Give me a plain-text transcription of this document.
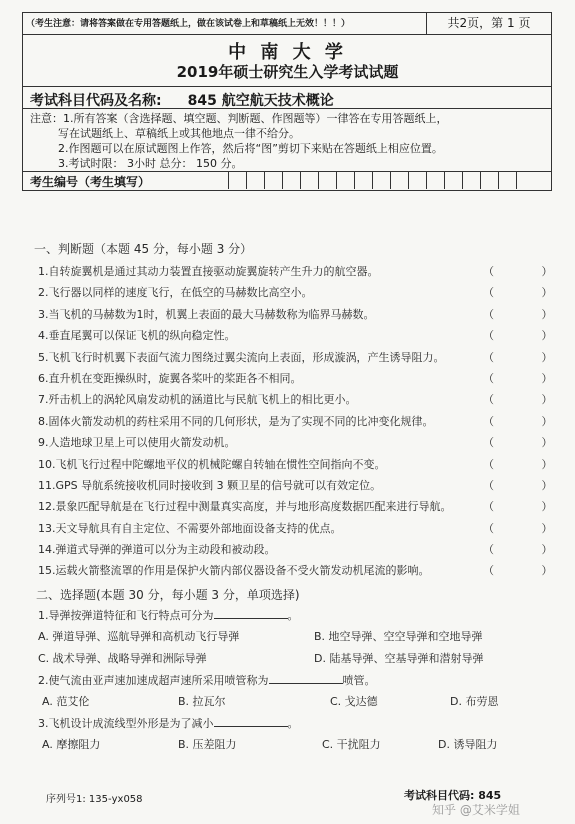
（考生注意：请将答案做在专用答题纸上，做在该试卷上和草稿纸上无效！！！）	共2页，第 1 页
中 南 大 学
2019年硕士研究生入学考试试题
考试科目代码及名称: 845 航空航天技术概论
注意：1.所有答案（含选择题、填空题、判断题、作图题等）一律答在专用答题纸上，
写在试题纸上、草稿纸上或其他地点一律不给分。
2.作图题可以在原试题图上作答，然后将“图”剪切下来贴在答题纸上相应位置。
3.考试时限： 3小时 总分： 150 分。
考生编号（考生填写）
一、判断题（本题 45 分，每小题 3 分）
1.自转旋翼机是通过其动力装置直接驱动旋翼旋转产生升力的航空器。	（ ）
2.飞行器以同样的速度飞行，在低空的马赫数比高空小。	（ ）
3.当飞机的马赫数为1时，机翼上表面的最大马赫数称为临界马赫数。	（ ）
4.垂直尾翼可以保证飞机的纵向稳定性。	（ ）
5.飞机飞行时机翼下表面气流力图绕过翼尖流向上表面，形成漩涡，产生诱导阻力。	（ ）
6.直升机在变距操纵时，旋翼各桨叶的桨距各不相同。	（ ）
7.歼击机上的涡轮风扇发动机的涵道比与民航飞机上的相比更小。	（ ）
8.固体火箭发动机的药柱采用不同的几何形状，是为了实现不同的比冲变化规律。	（ ）
9.人造地球卫星上可以使用火箭发动机。	（ ）
10.飞机飞行过程中陀螺地平仪的机械陀螺自转轴在惯性空间指向不变。	（ ）
11.GPS 导航系统接收机同时接收到 3 颗卫星的信号就可以有效定位。	（ ）
12.景象匹配导航是在飞行过程中测量真实高度，并与地形高度数据匹配来进行导航。	（ ）
13.天文导航具有自主定位、不需要外部地面设备支持的优点。	（ ）
14.弹道式导弹的弹道可以分为主动段和被动段。	（ ）
15.运载火箭整流罩的作用是保护火箭内部仪器设备不受火箭发动机尾流的影响。	（ ）
二、选择题(本题 30 分，每小题 3 分，单项选择)
1.导弹按弹道特征和飞行特点可分为	。
A. 弹道导弹、巡航导弹和高机动飞行导弹	B. 地空导弹、空空导弹和空地导弹
C. 战术导弹、战略导弹和洲际导弹	D. 陆基导弹、空基导弹和潜射导弹
2.使气流由亚声速加速成超声速所采用喷管称为	喷管。
A. 范艾伦	B. 拉瓦尔	C. 戈达德	D. 布劳恩
3.飞机设计成流线型外形是为了减小	。
A. 摩擦阻力	B. 压差阻力	C. 干扰阻力	D. 诱导阻力
序列号1: 135-yx058	考试科目代码: 845
知乎 @艾米学姐
